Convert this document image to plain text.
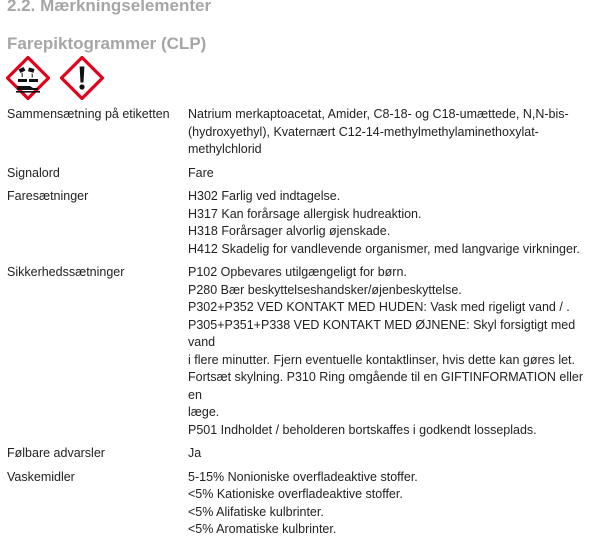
2.2. Mærkningselementer
Farepiktogrammer (CLP)
Sammensætning på etiketten	Natrium merkaptoacetat, Amider, C8-18- og C18-umættede, N,N-bis-
(hydroxyethyl), Kvaternært C12-14-methylmethylaminethoxylat-
methylchlorid
Signalord	Fare
Faresætninger	H302 Farlig ved indtagelse.
H317 Kan forårsage allergisk hudreaktion.
H318 Forårsager alvorlig øjenskade.
H412 Skadelig for vandlevende organismer, med langvarige virkninger.
Sikkerhedssætninger	P102 Opbevares utilgængeligt for børn.
P280 Bær beskyttelseshandsker/øjenbeskyttelse.
P302+P352 VED KONTAKT MED HUDEN: Vask med rigeligt vand / .
P305+P351+P338 VED KONTAKT MED ØJNENE: Skyl forsigtigt med vand
i flere minutter. Fjern eventuelle kontaktlinser, hvis dette kan gøres let.
Fortsæt skylning. P310 Ring omgående til en GIFTINFORMATION eller en
læge.
P501 Indholdet / beholderen bortskaffes i godkendt losseplads.
Følbare advarsler	Ja
Vaskemidler	5-15% Nonioniske overfladeaktive stoffer.
<5% Kationiske overfladeaktive stoffer.
<5% Alifatiske kulbrinter.
<5% Aromatiske kulbrinter.
